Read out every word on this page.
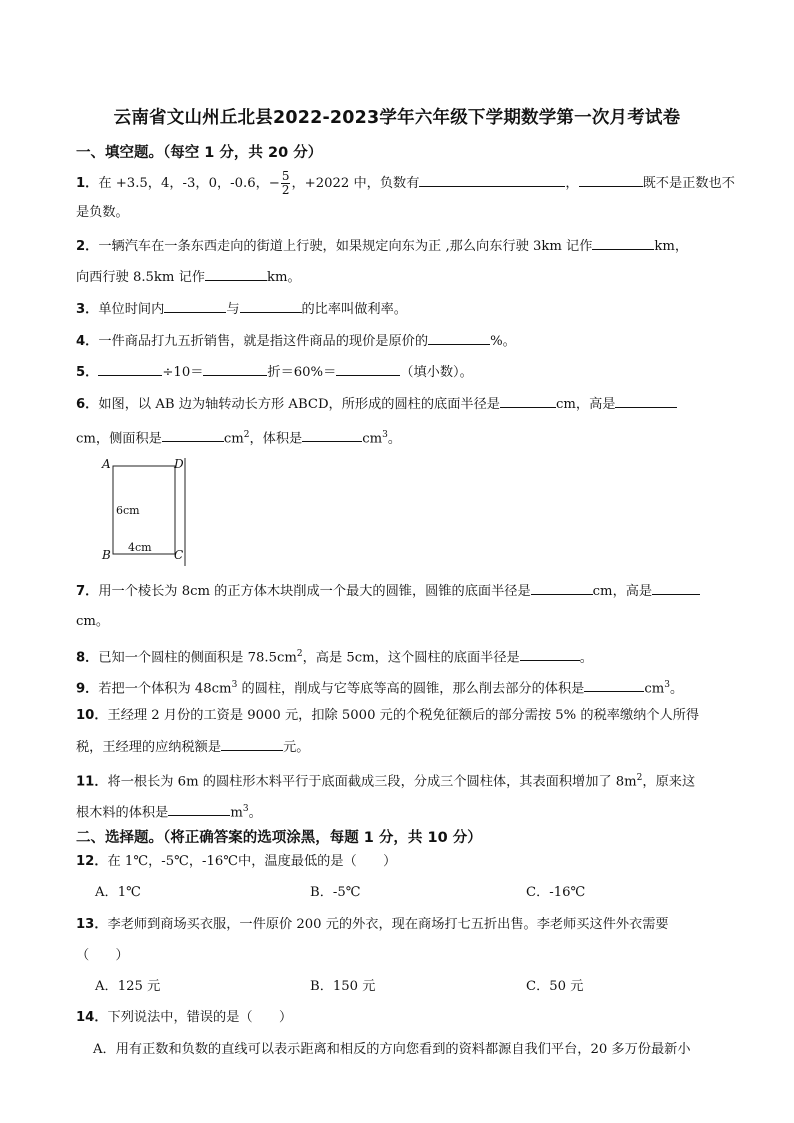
云南省文山州丘北县2022-2023学年六年级下学期数学第一次月考试卷
一、填空题。（每空 1 分，共 20 分）
1．在 +3.5，4，-3，0，-0.6，− $\frac{5}{2}$ ，+2022 中，负数有	，	既不是正数也不
是负数。
2．一辆汽车在一条东西走向的街道上行驶，如果规定向东为正 ,那么向东行驶 3km 记作	km，
向西行驶 8.5km 记作	km。
3．单位时间内	与	的比率叫做利率。
4．一件商品打九五折销售，就是指这件商品的现价是原价的	%。
5．	÷10＝	折＝60%＝	（填小数）。
6．如图，以 AB 边为轴转动长方形 ABCD，所形成的圆柱的底面半径是	cm，高是
cm，侧面积是	$cm^2$，体积是	$cm^3$。
A	D
B	C
6cm
4cm
7．用一个棱长为 8cm 的正方体木块削成一个最大的圆锥，圆锥的底面半径是	cm，高是
cm。
8．已知一个圆柱的侧面积是 $78.5cm^2$，高是 5cm，这个圆柱的底面半径是	。
9．若把一个体积为 $48cm^3$ 的圆柱，削成与它等底等高的圆锥，那么削去部分的体积是	$cm^3$。
10．王经理 2 月份的工资是 9000 元，扣除 5000 元的个税免征额后的部分需按 5% 的税率缴纳个人所得
税，王经理的应纳税额是	元。
11．将一根长为 6m 的圆柱形木料平行于底面截成三段，分成三个圆柱体，其表面积增加了 $8m^2$，原来这
根木料的体积是	$m^3$。
二、选择题。（将正确答案的选项涂黑，每题 1 分，共 10 分）
12．在 1℃，-5℃，-16℃中，温度最低的是（　　）
A．1℃	B．-5℃	C．-16℃
13．李老师到商场买衣服，一件原价 200 元的外衣，现在商场打七五折出售。李老师买这件外衣需要
（　　）
A．125 元	B．150 元	C．50 元
14．下列说法中，错误的是（　　）
A．用有正数和负数的直线可以表示距离和相反的方向您看到的资料都源自我们平台，20 多万份最新小
